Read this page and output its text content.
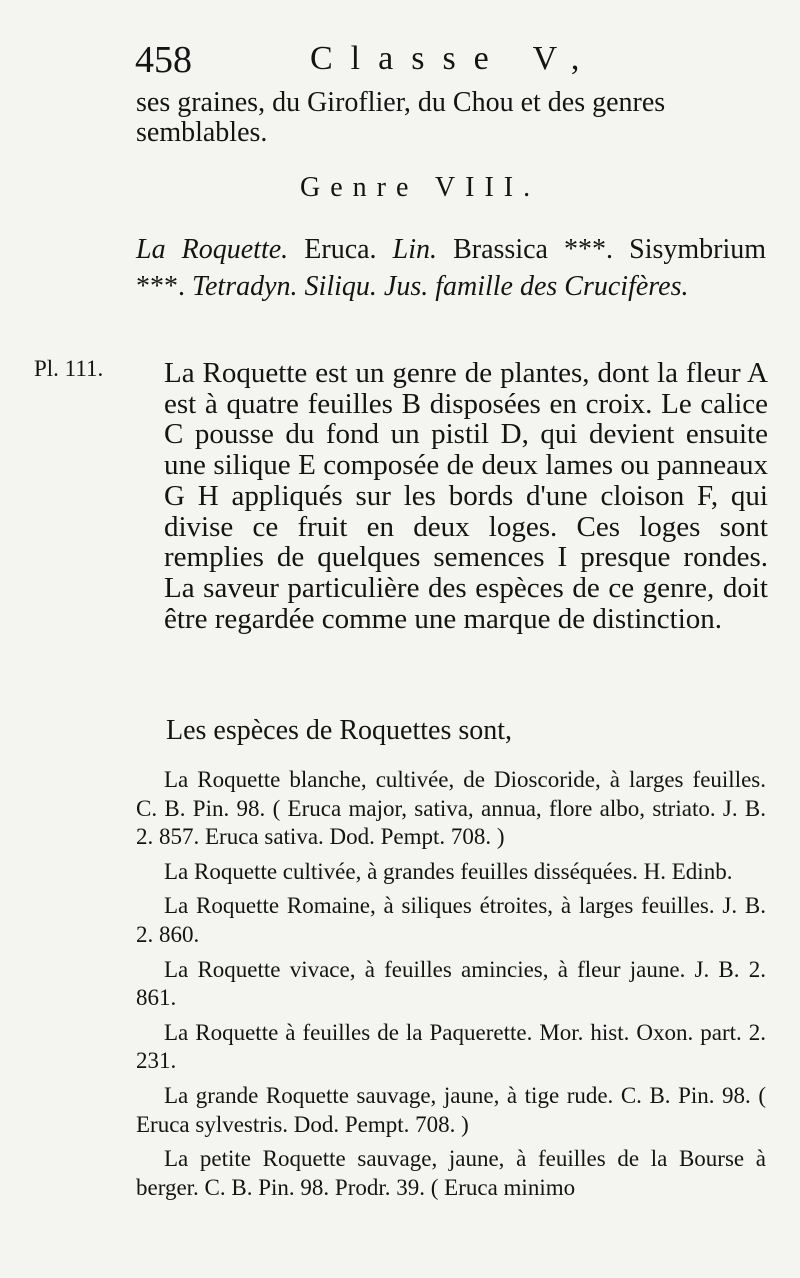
458	Classe V,
ses graines, du Giroflier, du Chou et des genres semblables.
Genre VIII.

La Roquette. Eruca. Lin. Brassica ***. Sisymbrium ***. Tetradyn. Siliqu. Jus. famille des Crucifères.

Pl. 111. La Roquette est un genre de plantes, dont la fleur A est à quatre feuilles B disposées en croix. Le calice C pousse du fond un pistil D, qui devient ensuite une silique E composée de deux lames ou panneaux G H appliqués sur les bords d'une cloison F, qui divise ce fruit en deux loges. Ces loges sont remplies de quelques semences I presque rondes. La saveur particulière des espèces de ce genre, doit être regardée comme une marque de distinction.

Les espèces de Roquettes sont,

La Roquette blanche, cultivée, de Dioscoride, à larges feuilles. C. B. Pin. 98. ( Eruca major, sativa, annua, flore albo, striato. J. B. 2. 857. Eruca sativa. Dod. Pempt. 708. )

La Roquette cultivée, à grandes feuilles disséquées. H. Edinb.

La Roquette Romaine, à siliques étroites, à larges feuilles. J. B. 2. 860.

La Roquette vivace, à feuilles amincies, à fleur jaune. J. B. 2. 861.

La Roquette à feuilles de la Paquerette. Mor. hist. Oxon. part. 2. 231.

La grande Roquette sauvage, jaune, à tige rude. C. B. Pin. 98. ( Eruca sylvestris. Dod. Pempt. 708. )

La petite Roquette sauvage, jaune, à feuilles de la Bourse à berger. C. B. Pin. 98. Prodr. 39. ( Eruca minimo
